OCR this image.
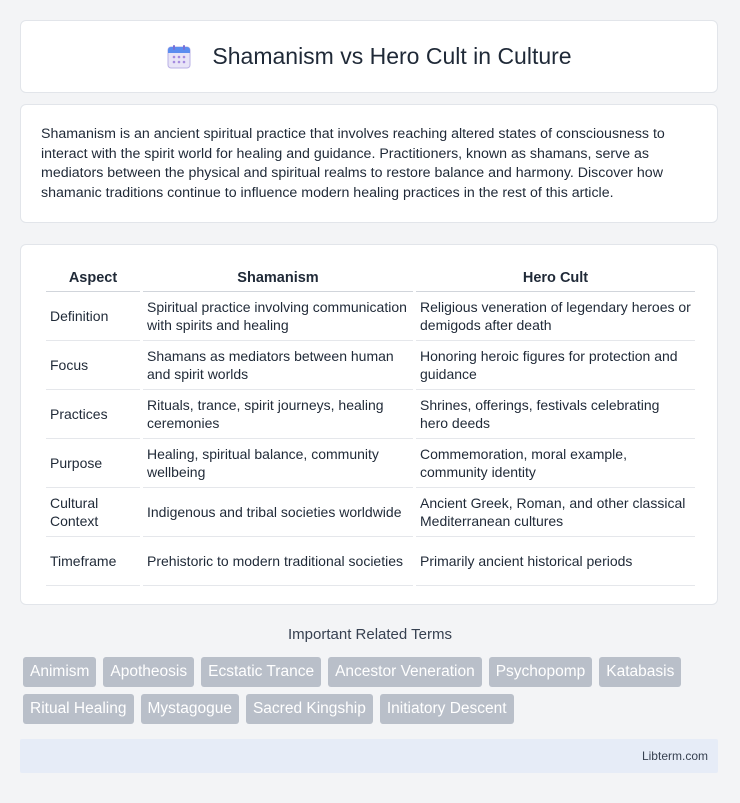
Shamanism vs Hero Cult in Culture

Shamanism is an ancient spiritual practice that involves reaching altered states of consciousness to interact with the spirit world for healing and guidance. Practitioners, known as shamans, serve as mediators between the physical and spiritual realms to restore balance and harmony. Discover how shamanic traditions continue to influence modern healing practices in the rest of this article.

Aspect	Shamanism	Hero Cult
Definition	Spiritual practice involving communication with spirits and healing	Religious veneration of legendary heroes or demigods after death
Focus	Shamans as mediators between human and spirit worlds	Honoring heroic figures for protection and guidance
Practices	Rituals, trance, spirit journeys, healing ceremonies	Shrines, offerings, festivals celebrating hero deeds
Purpose	Healing, spiritual balance, community wellbeing	Commemoration, moral example, community identity
Cultural Context	Indigenous and tribal societies worldwide	Ancient Greek, Roman, and other classical Mediterranean cultures
Timeframe	Prehistoric to modern traditional societies	Primarily ancient historical periods
Important Related Terms
Animism	Apotheosis	Ecstatic Trance	Ancestor Veneration	Psychopomp	Katabasis
Ritual Healing	Mystagogue	Sacred Kingship	Initiatory Descent
Libterm.com
